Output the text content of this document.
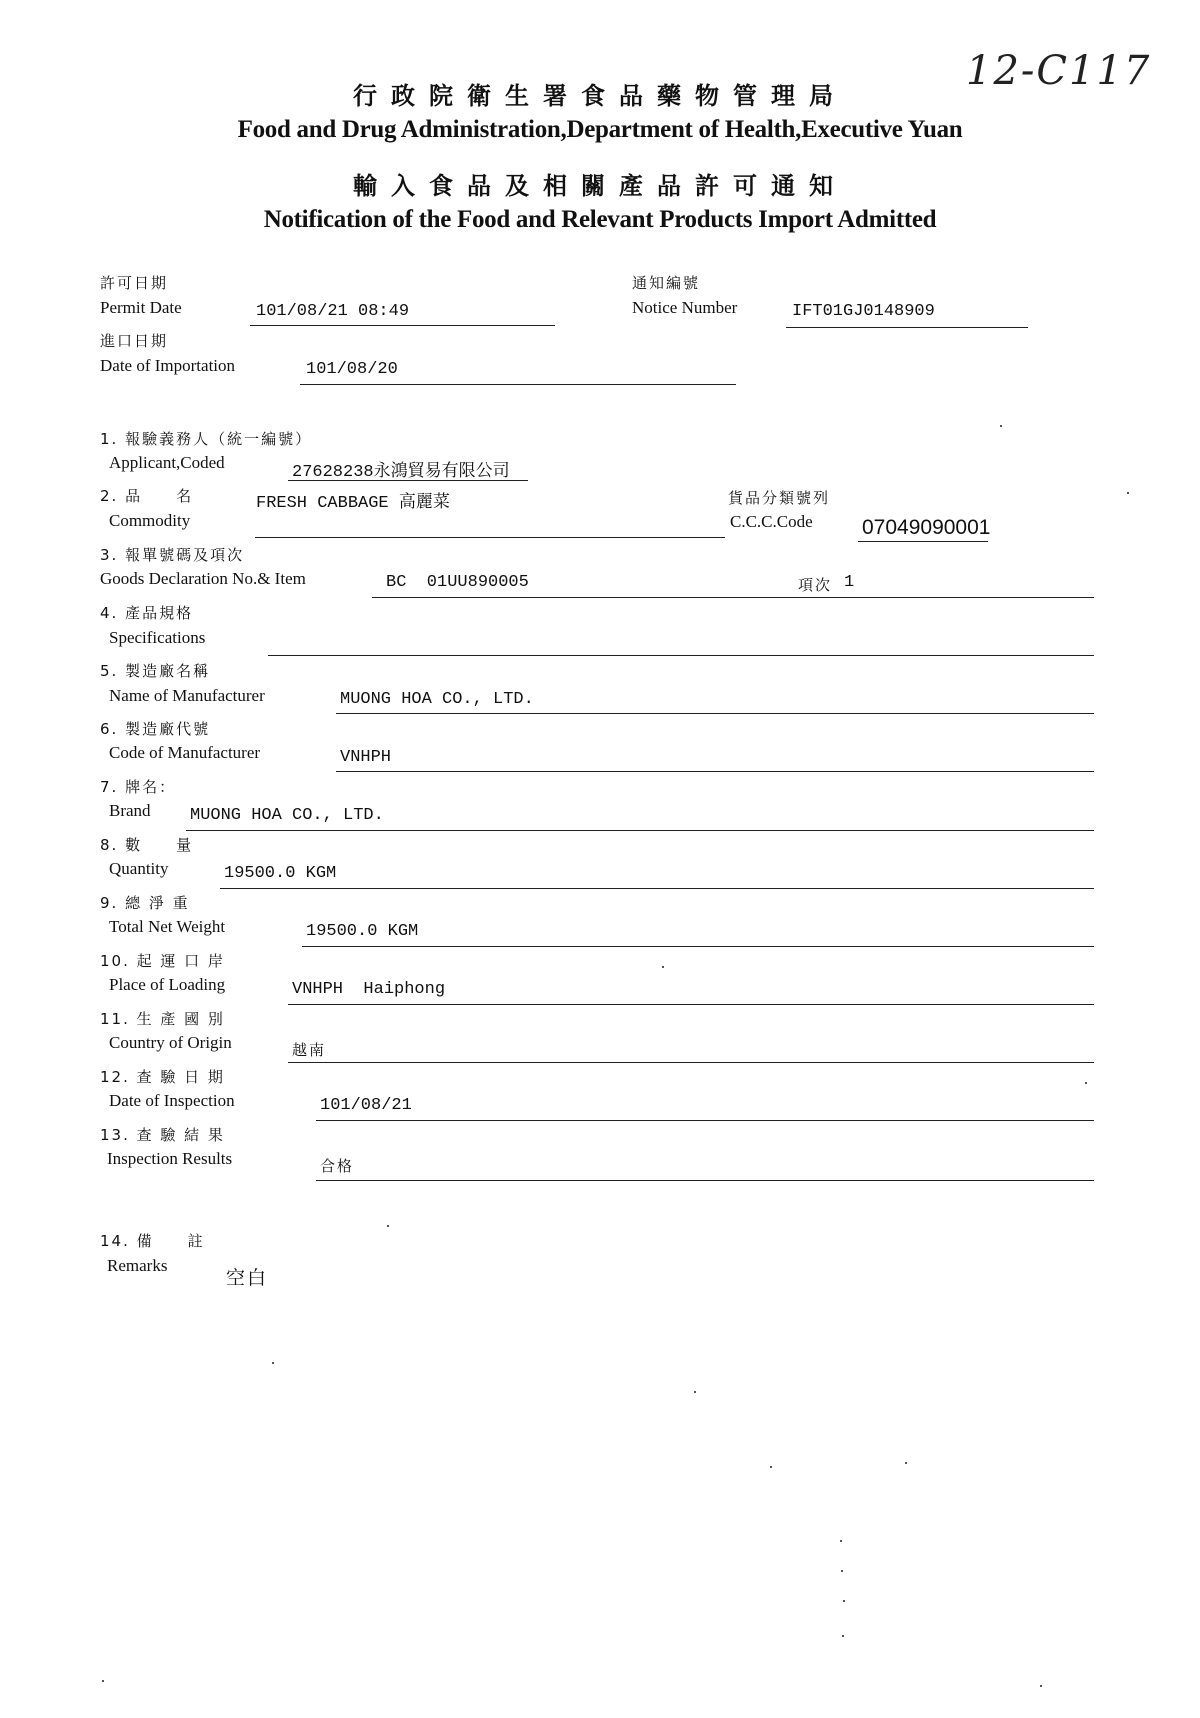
12-C117
行政院衛生署食品藥物管理局
Food and Drug Administration,Department of Health,Executive Yuan
輸入食品及相關產品許可通知
Notification of the Food and Relevant Products Import Admitted
許可日期
Permit Date	101/08/21 08:49
通知編號
Notice Number	IFT01GJ0148909
進口日期
Date of Importation	101/08/20
1. 報驗義務人（統一編號）
Applicant,Coded
27628238永鴻貿易有限公司
2. 品　　名
Commodity
FRESH CABBAGE 高麗菜	貨品分類號列
C.C.C.Code 07049090001
3. 報單號碼及項次
Goods Declaration No.& Item	BC  01UU890005	項次 1
4. 產品規格
Specifications
5. 製造廠名稱
Name of Manufacturer	MUONG HOA CO., LTD.
6. 製造廠代號
Code of Manufacturer	VNHPH
7. 牌名：
Brand MUONG HOA CO., LTD.
8. 數　　量
Quantity	19500.0 KGM
9. 總 淨 重
Total Net Weight	19500.0 KGM
10. 起 運 口 岸
Place of Loading	VNHPH  Haiphong
11. 生 產 國 別
Country of Origin	越南
12. 查 驗 日 期
Date of Inspection	101/08/21
13. 查 驗 結 果
Inspection Results	合格
14. 備　　註
Remarks
空白
